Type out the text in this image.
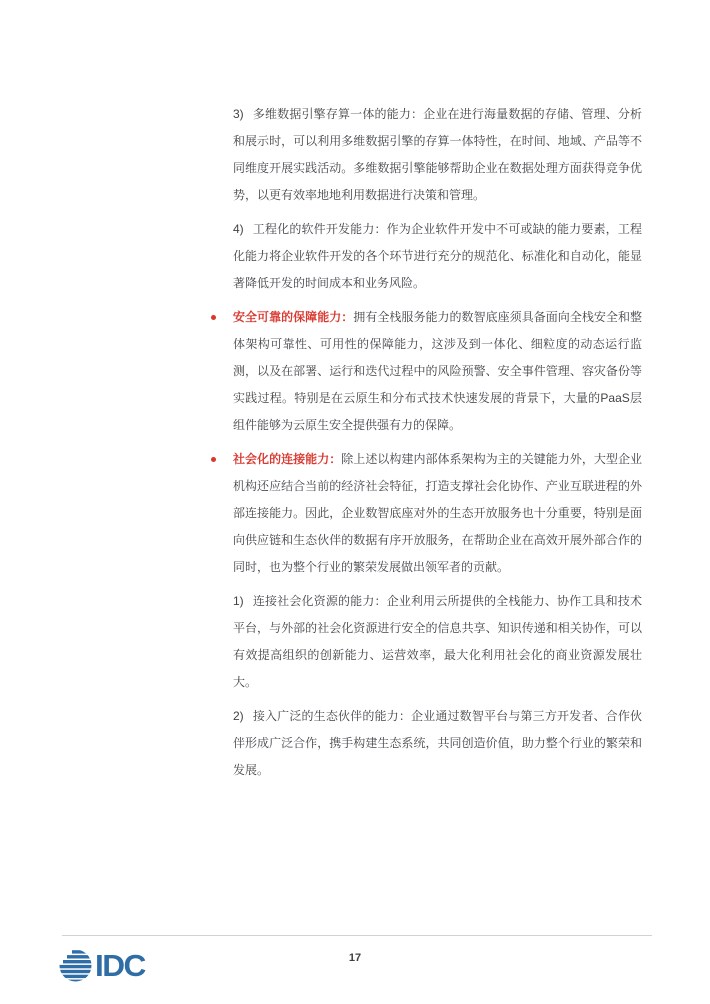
3) 多维数据引擎存算一体的能力：企业在进行海量数据的存储、管理、分析和展示时，可以利用多维数据引擎的存算一体特性，在时间、地域、产品等不同维度开展实践活动。多维数据引擎能够帮助企业在数据处理方面获得竞争优势，以更有效率地地利用数据进行决策和管理。

4) 工程化的软件开发能力：作为企业软件开发中不可或缺的能力要素，工程化能力将企业软件开发的各个环节进行充分的规范化、标准化和自动化，能显著降低开发的时间成本和业务风险。

安全可靠的保障能力：拥有全栈服务能力的数智底座须具备面向全栈安全和整体架构可靠性、可用性的保障能力，这涉及到一体化、细粒度的动态运行监测，以及在部署、运行和迭代过程中的风险预警、安全事件管理、容灾备份等实践过程。特别是在云原生和分布式技术快速发展的背景下，大量的PaaS层组件能够为云原生安全提供强有力的保障。

社会化的连接能力：除上述以构建内部体系架构为主的关键能力外，大型企业机构还应结合当前的经济社会特征，打造支撑社会化协作、产业互联进程的外部连接能力。因此，企业数智底座对外的生态开放服务也十分重要，特别是面向供应链和生态伙伴的数据有序开放服务，在帮助企业在高效开展外部合作的同时，也为整个行业的繁荣发展做出领军者的贡献。

1) 连接社会化资源的能力：企业利用云所提供的全栈能力、协作工具和技术平台，与外部的社会化资源进行安全的信息共享、知识传递和相关协作，可以有效提高组织的创新能力、运营效率，最大化利用社会化的商业资源发展壮大。

2) 接入广泛的生态伙伴的能力：企业通过数智平台与第三方开发者、合作伙伴形成广泛合作，携手构建生态系统，共同创造价值，助力整个行业的繁荣和发展。

IDC	17
